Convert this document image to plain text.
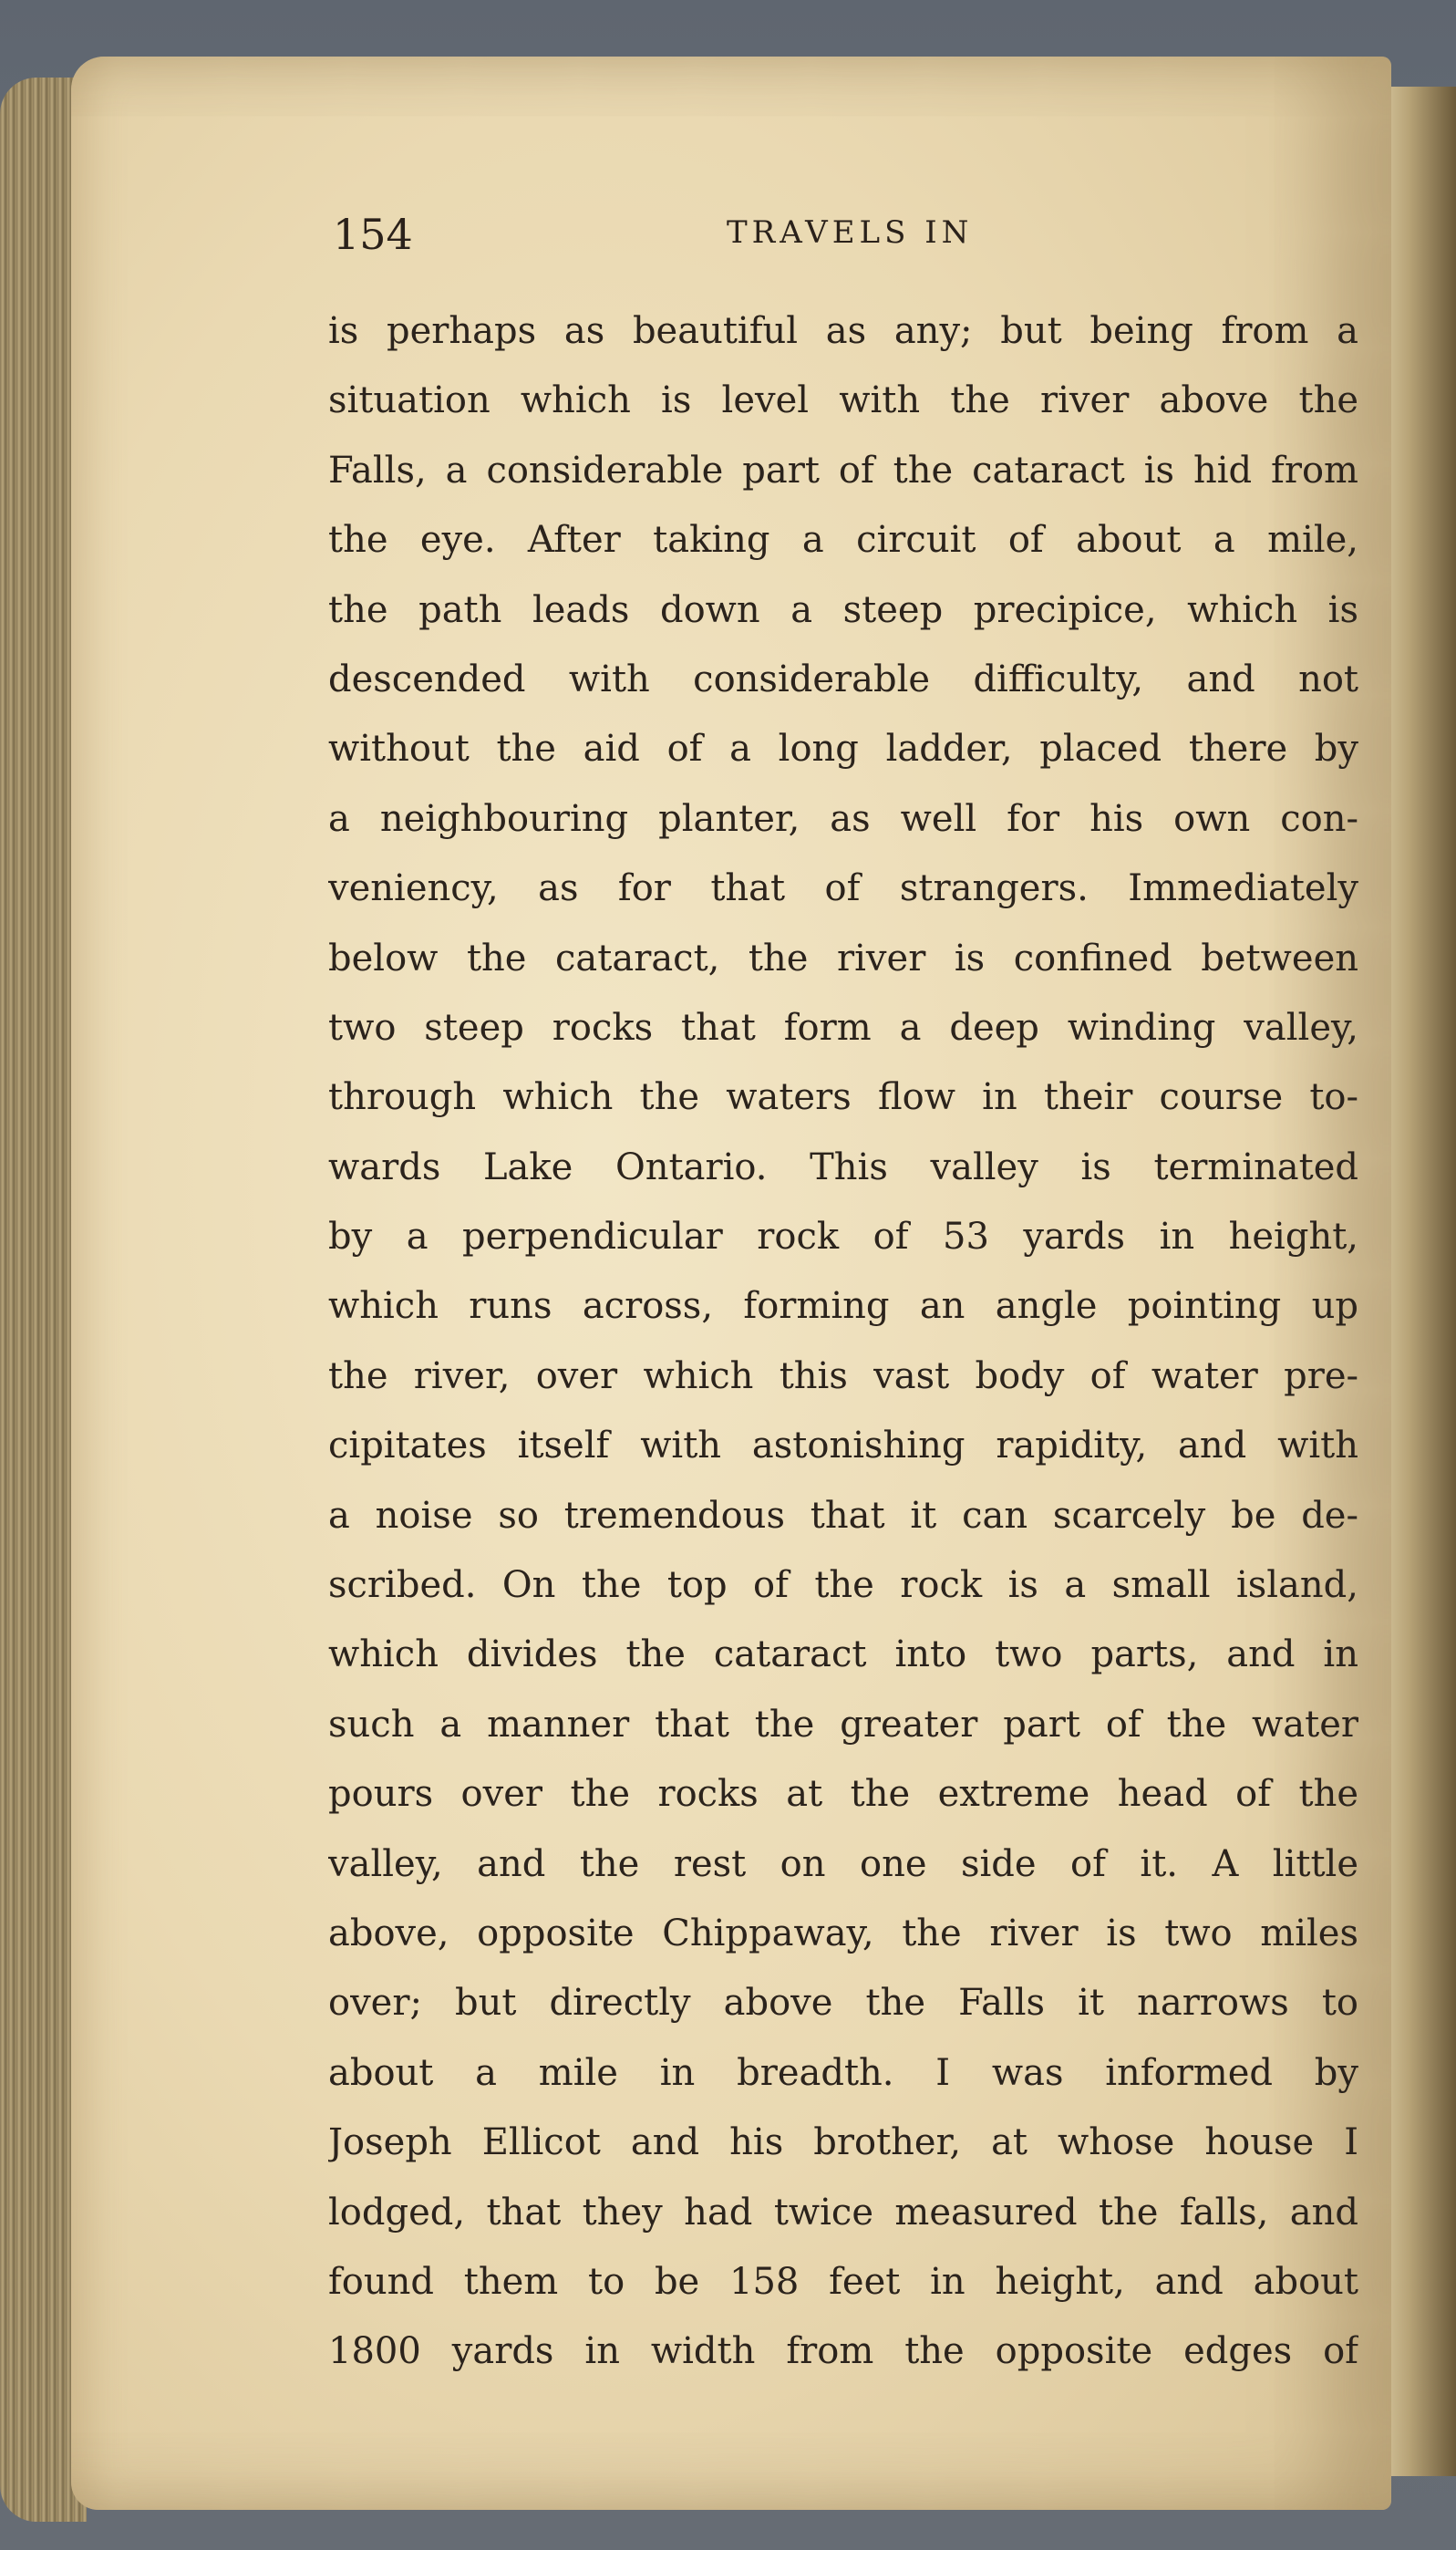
154	TRAVELS IN
is perhaps as beautiful as any; but being from a
situation which is level with the river above the
Falls, a considerable part of the cataract is hid from
the eye. After taking a circuit of about a mile,
the path leads down a steep precipice, which is
descended with considerable difficulty, and not
without the aid of a long ladder, placed there by
a neighbouring planter, as well for his own con-
veniency, as for that of strangers. Immediately
below the cataract, the river is confined between
two steep rocks that form a deep winding valley,
through which the waters flow in their course to-
wards Lake Ontario. This valley is terminated
by a perpendicular rock of 53 yards in height,
which runs across, forming an angle pointing up
the river, over which this vast body of water pre-
cipitates itself with astonishing rapidity, and with
a noise so tremendous that it can scarcely be de-
scribed. On the top of the rock is a small island,
which divides the cataract into two parts, and in
such a manner that the greater part of the water
pours over the rocks at the extreme head of the
valley, and the rest on one side of it. A little
above, opposite Chippaway, the river is two miles
over; but directly above the Falls it narrows to
about a mile in breadth. I was informed by
Joseph Ellicot and his brother, at whose house I
lodged, that they had twice measured the falls, and
found them to be 158 feet in height, and about
1800 yards in width from the opposite edges of
